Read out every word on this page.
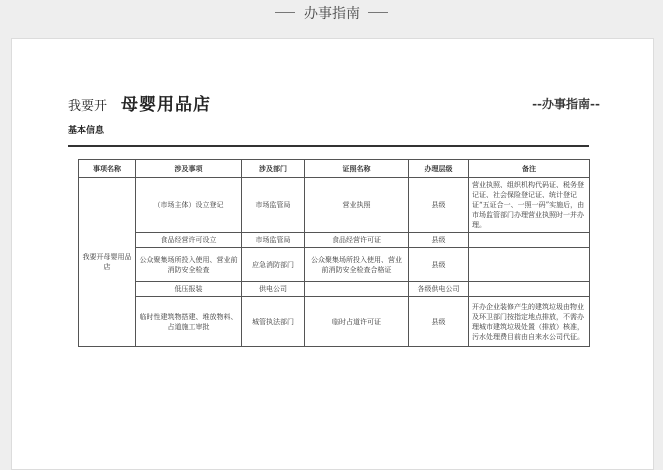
办事指南
我要开 母婴用品店	--办事指南--
基本信息
事项名称	涉及事项	涉及部门	证照名称	办理层级	备注
我要开母婴用品店	（市场主体）设立登记	市场监管局	营业执照	县级	营业执照、组织机构代码证、税务登记证、社会保险登记证、统计登记证“五证合一、一照一码”实施后，由市场监管部门办理营业执照时一并办理。
	食品经营许可设立	市场监管局	食品经营许可证	县级	
	公众聚集场所投入使用、营业前消防安全检查	应急消防部门	公众聚集场所投入使用、营业前消防安全检查合格证	县级	
	低压报装	供电公司		各级供电公司	
	临时性建筑物搭建、堆放物料、占道施工审批	城管执法部门	临时占道许可证	县级	开办企业装修产生的建筑垃圾由物业及环卫部门按指定地点排放，不需办理城市建筑垃圾处置（排放）核准，污水处理费目前由自来水公司代征。
